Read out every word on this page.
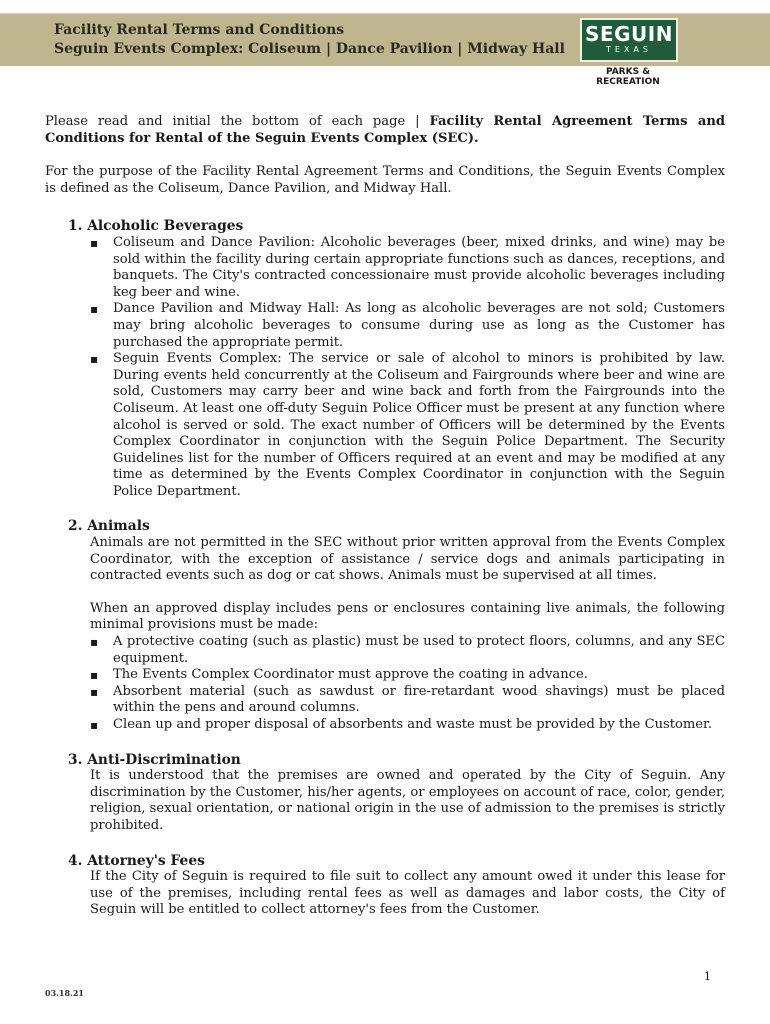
Facility Rental Terms and Conditions
Seguin Events Complex: Coliseum | Dance Pavilion | Midway Hall
SEGUIN
TEXAS
PARKS &
RECREATION

Please read and initial the bottom of each page | Facility Rental Agreement Terms and Conditions for Rental of the Seguin Events Complex (SEC).

For the purpose of the Facility Rental Agreement Terms and Conditions, the Seguin Events Complex is defined as the Coliseum, Dance Pavilion, and Midway Hall.

1. Alcoholic Beverages
▪ Coliseum and Dance Pavilion: Alcoholic beverages (beer, mixed drinks, and wine) may be sold within the facility during certain appropriate functions such as dances, receptions, and banquets. The City's contracted concessionaire must provide alcoholic beverages including keg beer and wine.
▪ Dance Pavilion and Midway Hall: As long as alcoholic beverages are not sold; Customers may bring alcoholic beverages to consume during use as long as the Customer has purchased the appropriate permit.
▪ Seguin Events Complex: The service or sale of alcohol to minors is prohibited by law. During events held concurrently at the Coliseum and Fairgrounds where beer and wine are sold, Customers may carry beer and wine back and forth from the Fairgrounds into the Coliseum. At least one off-duty Seguin Police Officer must be present at any function where alcohol is served or sold. The exact number of Officers will be determined by the Events Complex Coordinator in conjunction with the Seguin Police Department. The Security Guidelines list for the number of Officers required at an event and may be modified at any time as determined by the Events Complex Coordinator in conjunction with the Seguin Police Department.
2. Animals

Animals are not permitted in the SEC without prior written approval from the Events Complex Coordinator, with the exception of assistance / service dogs and animals participating in contracted events such as dog or cat shows. Animals must be supervised at all times.

When an approved display includes pens or enclosures containing live animals, the following minimal provisions must be made:

▪ A protective coating (such as plastic) must be used to protect floors, columns, and any SEC equipment.
▪ The Events Complex Coordinator must approve the coating in advance.
▪ Absorbent material (such as sawdust or fire-retardant wood shavings) must be placed within the pens and around columns.
▪ Clean up and proper disposal of absorbents and waste must be provided by the Customer.
3. Anti-Discrimination

It is understood that the premises are owned and operated by the City of Seguin. Any discrimination by the Customer, his/her agents, or employees on account of race, color, gender, religion, sexual orientation, or national origin in the use of admission to the premises is strictly prohibited.

4. Attorney's Fees

If the City of Seguin is required to file suit to collect any amount owed it under this lease for use of the premises, including rental fees as well as damages and labor costs, the City of Seguin will be entitled to collect attorney's fees from the Customer.

1
03.18.21
